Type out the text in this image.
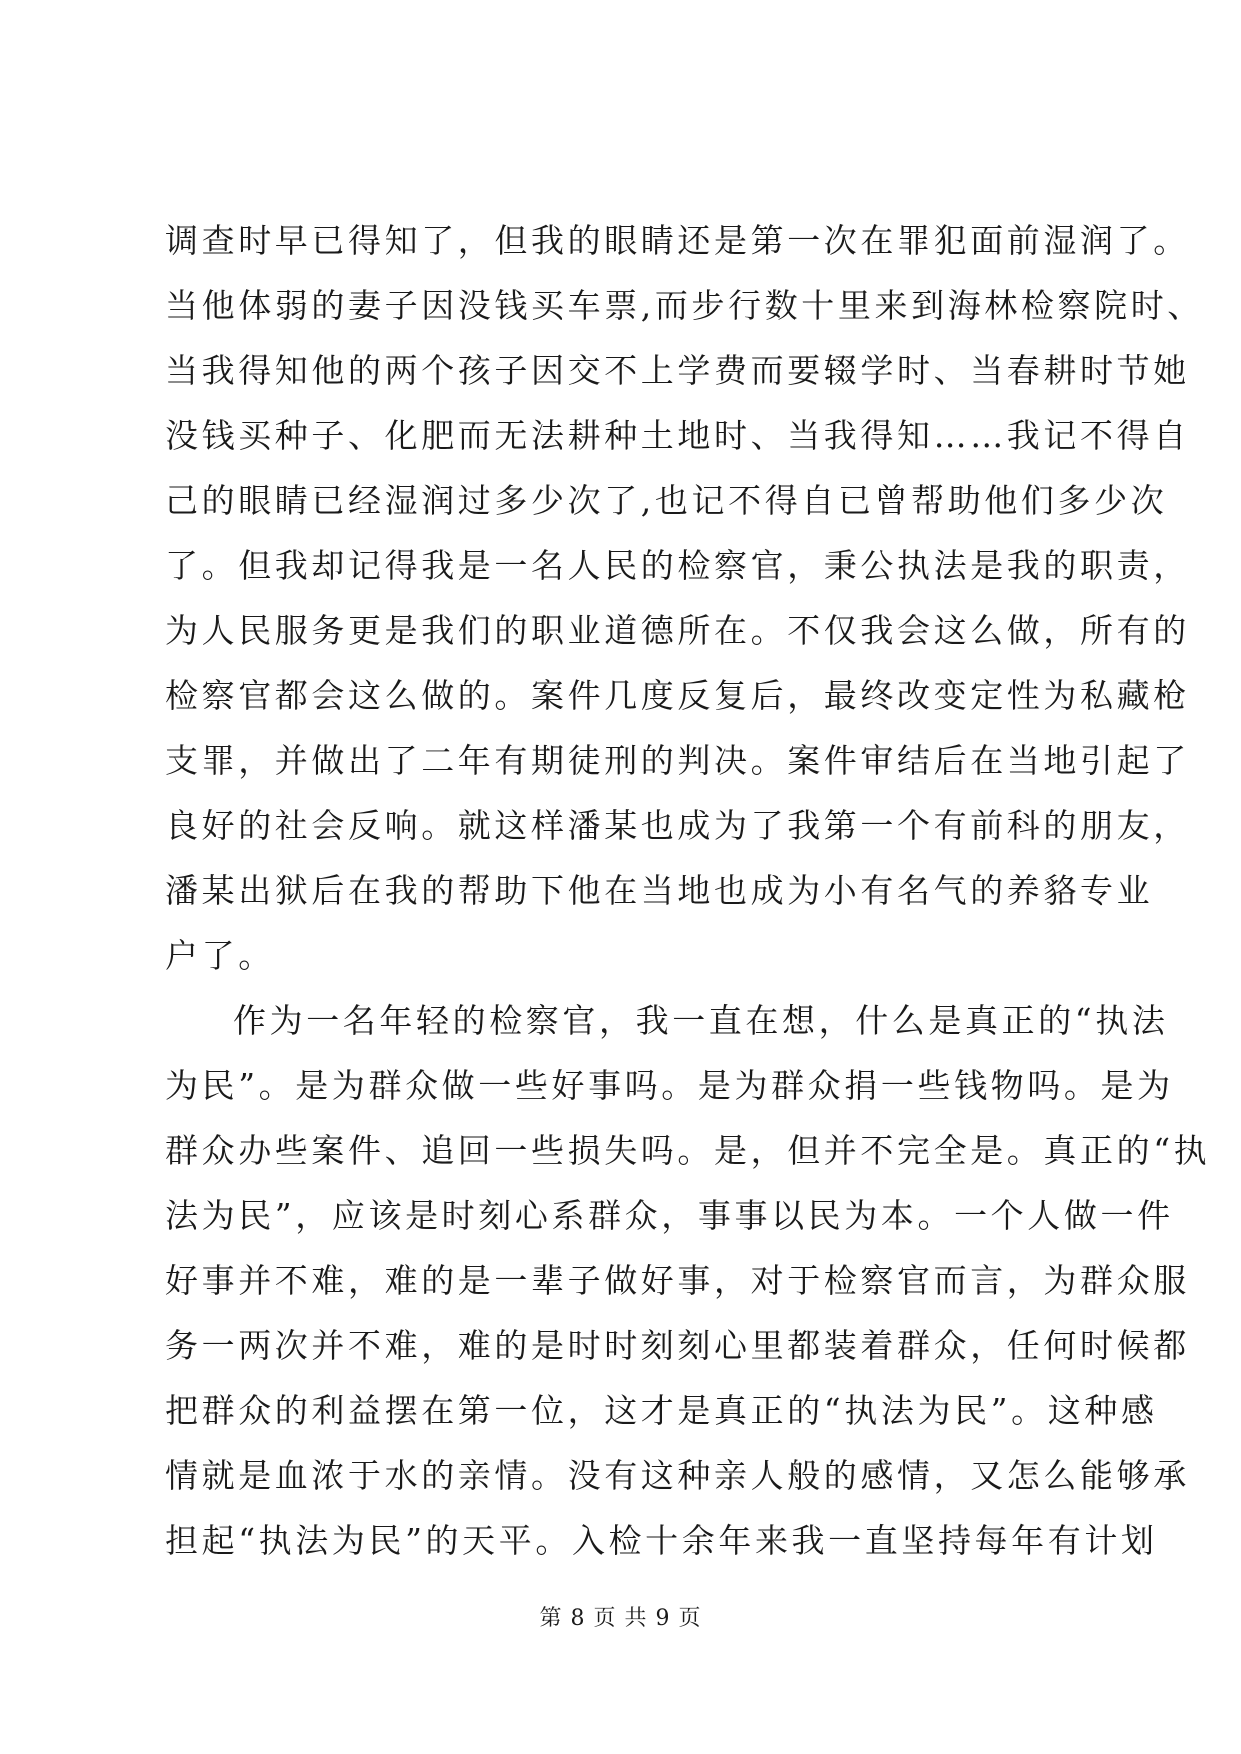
调查时早已得知了，但我的眼睛还是第一次在罪犯面前湿润了。
当他体弱的妻子因没钱买车票,而步行数十里来到海林检察院时、
当我得知他的两个孩子因交不上学费而要辍学时、当春耕时节她
没钱买种子、化肥而无法耕种土地时、当我得知……我记不得自
己的眼睛已经湿润过多少次了,也记不得自已曾帮助他们多少次
了。但我却记得我是一名人民的检察官，秉公执法是我的职责，
为人民服务更是我们的职业道德所在。不仅我会这么做，所有的
检察官都会这么做的。案件几度反复后，最终改变定性为私藏枪
支罪，并做出了二年有期徒刑的判决。案件审结后在当地引起了
良好的社会反响。就这样潘某也成为了我第一个有前科的朋友，
潘某出狱后在我的帮助下他在当地也成为小有名气的养貉专业
户了。
作为一名年轻的检察官，我一直在想，什么是真正的“执法
为民”。是为群众做一些好事吗。是为群众捐一些钱物吗。是为
群众办些案件、追回一些损失吗。是，但并不完全是。真正的“执
法为民”，应该是时刻心系群众，事事以民为本。一个人做一件
好事并不难，难的是一辈子做好事，对于检察官而言，为群众服
务一两次并不难，难的是时时刻刻心里都装着群众，任何时候都
把群众的利益摆在第一位，这才是真正的“执法为民”。这种感
情就是血浓于水的亲情。没有这种亲人般的感情，又怎么能够承
担起“执法为民”的天平。入检十余年来我一直坚持每年有计划
第 8 页 共 9 页
